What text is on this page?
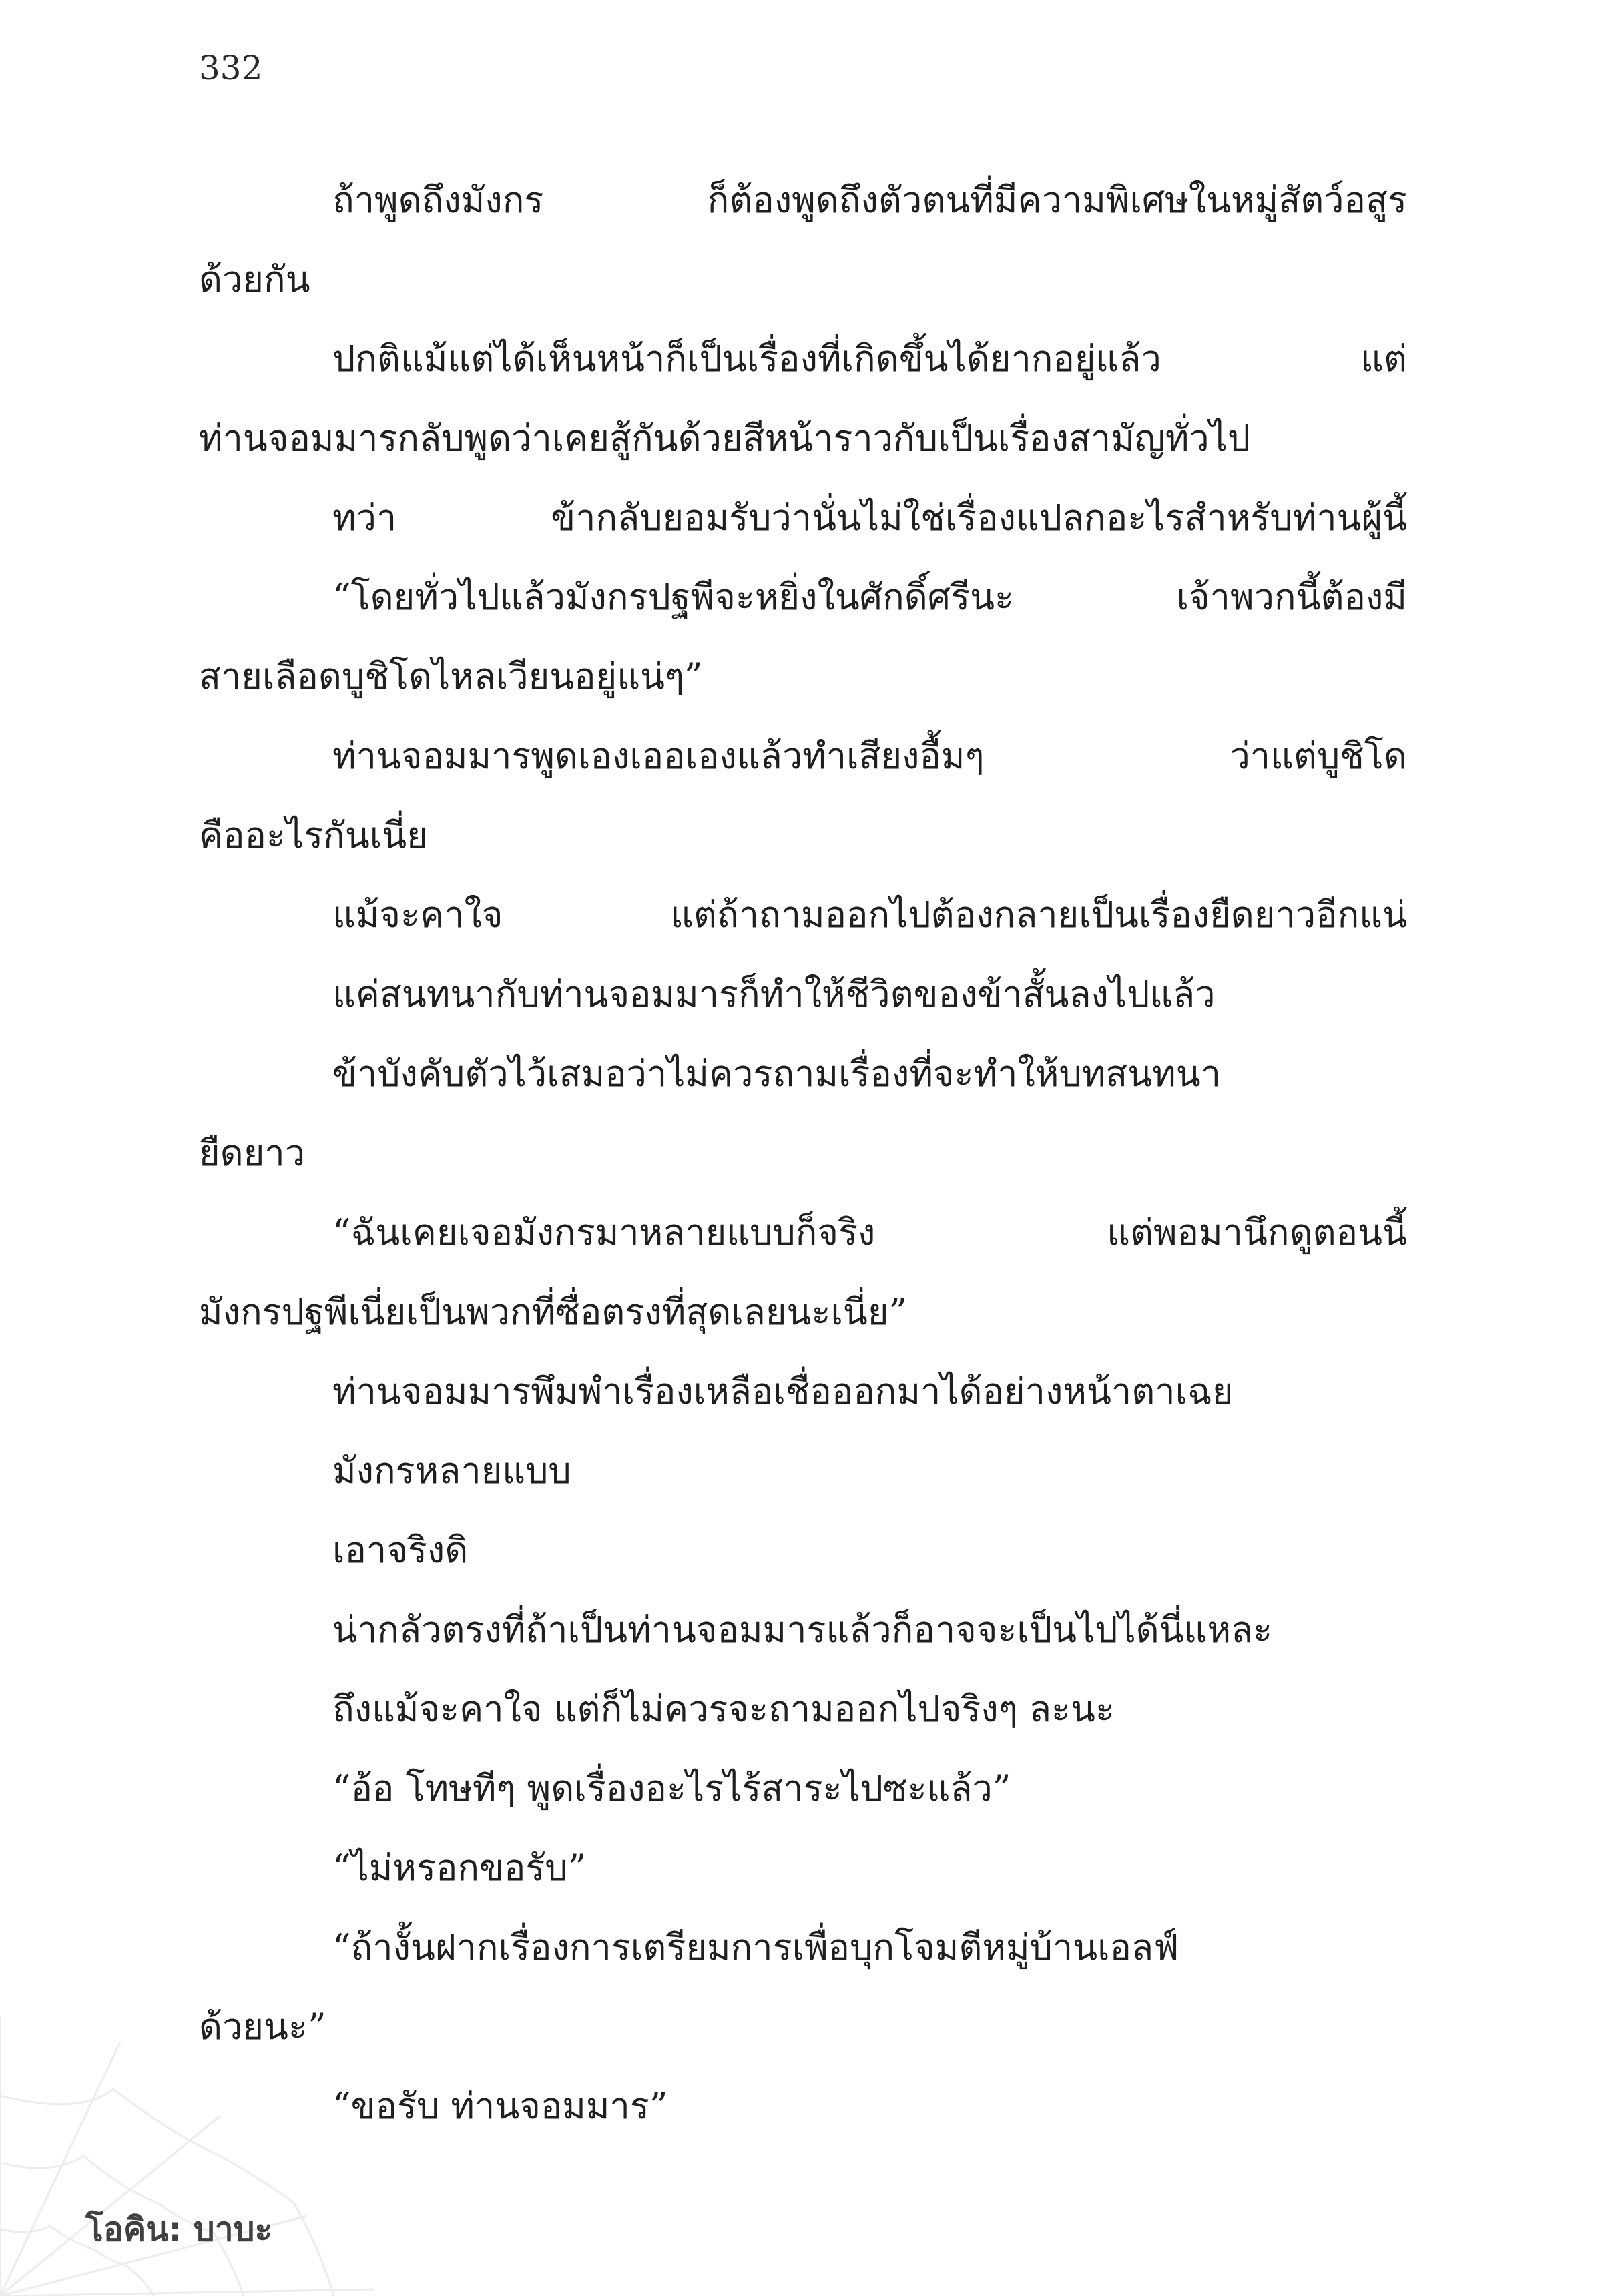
332
ถ้าพูดถึงมังกร ก็ต้องพูดถึงตัวตนที่มีความพิเศษในหมู่สัตว์อสูร
ด้วยกัน
ปกติแม้แต่ได้เห็นหน้าก็เป็นเรื่องที่เกิดขึ้นได้ยากอยู่แล้ว แต่
ท่านจอมมารกลับพูดว่าเคยสู้กันด้วยสีหน้าราวกับเป็นเรื่องสามัญทั่วไป
ทว่า ข้ากลับยอมรับว่านั่นไม่ใช่เรื่องแปลกอะไรสำหรับท่านผู้นี้
“โดยทั่วไปแล้วมังกรปฐพีจะหยิ่งในศักดิ์ศรีนะ เจ้าพวกนี้ต้องมี
สายเลือดบูชิโดไหลเวียนอยู่แน่ๆ”
ท่านจอมมารพูดเองเออเองแล้วทำเสียงอื้มๆ ว่าแต่บูชิโด
คืออะไรกันเนี่ย
แม้จะคาใจ แต่ถ้าถามออกไปต้องกลายเป็นเรื่องยืดยาวอีกแน่
แค่สนทนากับท่านจอมมารก็ทำให้ชีวิตของข้าสั้นลงไปแล้ว
ข้าบังคับตัวไว้เสมอว่าไม่ควรถามเรื่องที่จะทำให้บทสนทนา
ยืดยาว
“ฉันเคยเจอมังกรมาหลายแบบก็จริง แต่พอมานึกดูตอนนี้
มังกรปฐพีเนี่ยเป็นพวกที่ซื่อตรงที่สุดเลยนะเนี่ย”
ท่านจอมมารพึมพำเรื่องเหลือเชื่อออกมาได้อย่างหน้าตาเฉย
มังกรหลายแบบ
เอาจริงดิ
น่ากลัวตรงที่ถ้าเป็นท่านจอมมารแล้วก็อาจจะเป็นไปได้นี่แหละ
ถึงแม้จะคาใจ แต่ก็ไม่ควรจะถามออกไปจริงๆ ละนะ
“อ้อ โทษทีๆ พูดเรื่องอะไรไร้สาระไปซะแล้ว”
“ไม่หรอกขอรับ”
“ถ้างั้นฝากเรื่องการเตรียมการเพื่อบุกโจมตีหมู่บ้านเอลฟ์
ด้วยนะ”
“ขอรับ ท่านจอมมาร”
โอคิน: บาบะ
